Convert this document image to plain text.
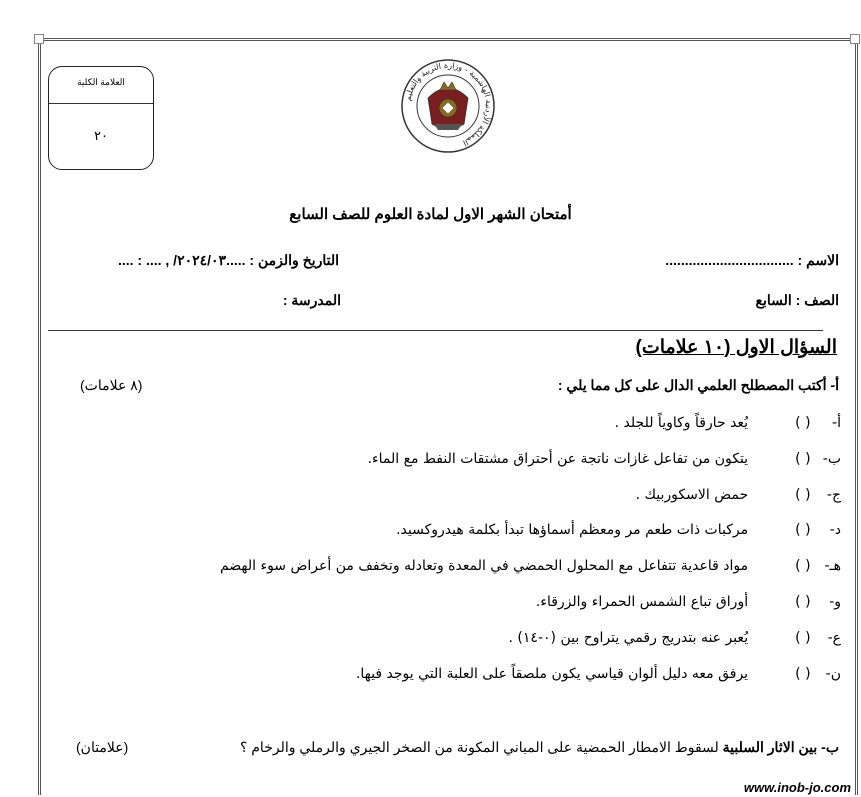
المملكة الأردنية الهاشمية - وزارة التربية والتعليم
العلامة الكلية
٢٠
أمتحان الشهر الاول لمادة العلوم للصف السابع
الاسم : .................................
التاريخ والزمن : .....٢٠٢٤/٠٣/ , .... : ....
الصف : السابع
المدرسة :
السؤال الاول (١٠ علامات)
أ- أكتب المصطلح العلمي الدال على كل مما يلي :
(٨ علامات)
أ- ( ) يُعد حارقاً وكاوياً للجلد .
ب- ( ) يتكون من تفاعل غازات ناتجة عن أحتراق مشتقات النفط مع الماء.
ج- ( ) حمض الاسكوربيك .
د- ( ) مركبات ذات طعم مر ومعظم أسماؤها تبدأ بكلمة هيدروكسيد.
هـ- ( ) مواد قاعدية تتفاعل مع المحلول الحمضي في المعدة وتعادله وتخفف من أعراض سوء الهضم
و- ( ) أوراق تباع الشمس الحمراء والزرقاء.
ع- ( ) يُعبر عنه بتدريج رقمي يتراوح بين (٠-١٤) .
ن- ( ) يرفق معه دليل ألوان قياسي يكون ملصقاً على العلبة التي يوجد فيها.
ب- بين الاثار السلبية لسقوط الامطار الحمضية على المباني المكونة من الصخر الجيري والرملي والرخام ؟
(علامتان)
www.inob-jo.com
